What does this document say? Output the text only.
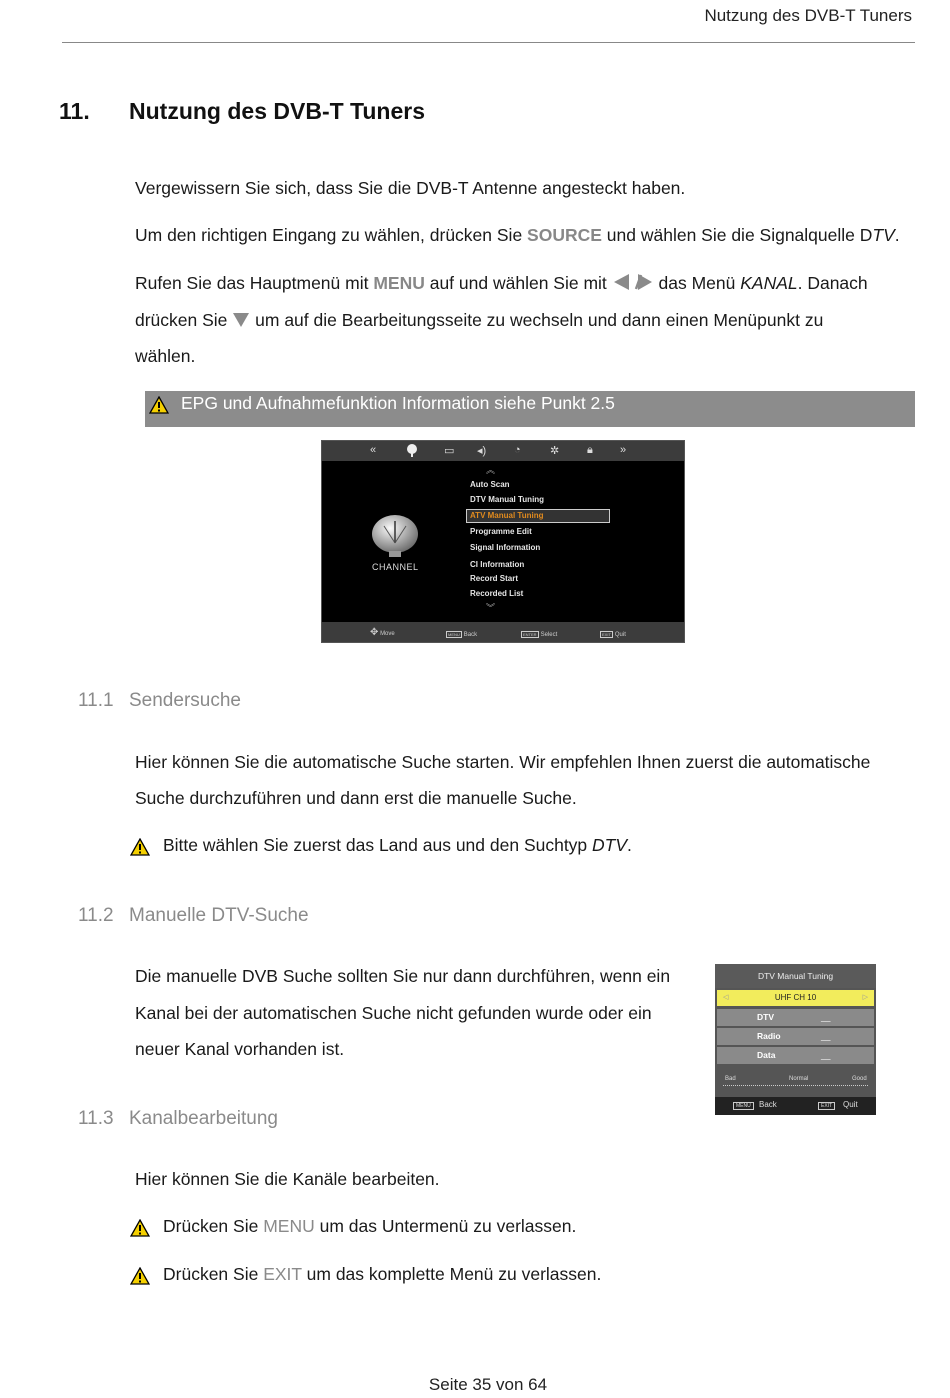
Nutzung des DVB-T Tuners
11. Nutzung des DVB-T Tuners
Vergewissern Sie sich, dass Sie die DVB-T Antenne angesteckt haben.
Um den richtigen Eingang zu wählen, drücken Sie SOURCE und wählen Sie die Signalquelle DTV.
Rufen Sie das Hauptmenü mit MENU auf und wählen Sie mit  das Menü KANAL. Danach
drücken Sie  um auf die Bearbeitungsseite zu wechseln und dann einen Menüpunkt zu
wählen.
EPG und Aufnahmefunktion Information siehe Punkt 2.5
«	▭ ◂)	◔	✲	🔒︎ »
︽
Auto Scan
DTV Manual Tuning
ATV Manual Tuning
Programme Edit
Signal Information
CI Information
Record Start
Recorded List
︾
CHANNEL
✥ Move	MENU Back	ENTER Select	EXIT Quit
11.1 Sendersuche
Hier können Sie die automatische Suche starten. Wir empfehlen Ihnen zuerst die automatische
Suche durchzuführen und dann erst die manuelle Suche.
Bitte wählen Sie zuerst das Land aus und den Suchtyp DTV.
11.2 Manuelle DTV-Suche
Die manuelle DVB Suche sollten Sie nur dann durchführen, wenn ein
Kanal bei der automatischen Suche nicht gefunden wurde oder ein
neuer Kanal vorhanden ist.
DTV Manual Tuning
◁	UHF CH 10	▷
DTV	__
Radio	__
Data	__
Bad	Normal	Good
MENU	Back	EXIT	Quit
11.3 Kanalbearbeitung
Hier können Sie die Kanäle bearbeiten.
Drücken Sie MENU um das Untermenü zu verlassen.
Drücken Sie EXIT um das komplette Menü zu verlassen.
Seite 35 von 64
